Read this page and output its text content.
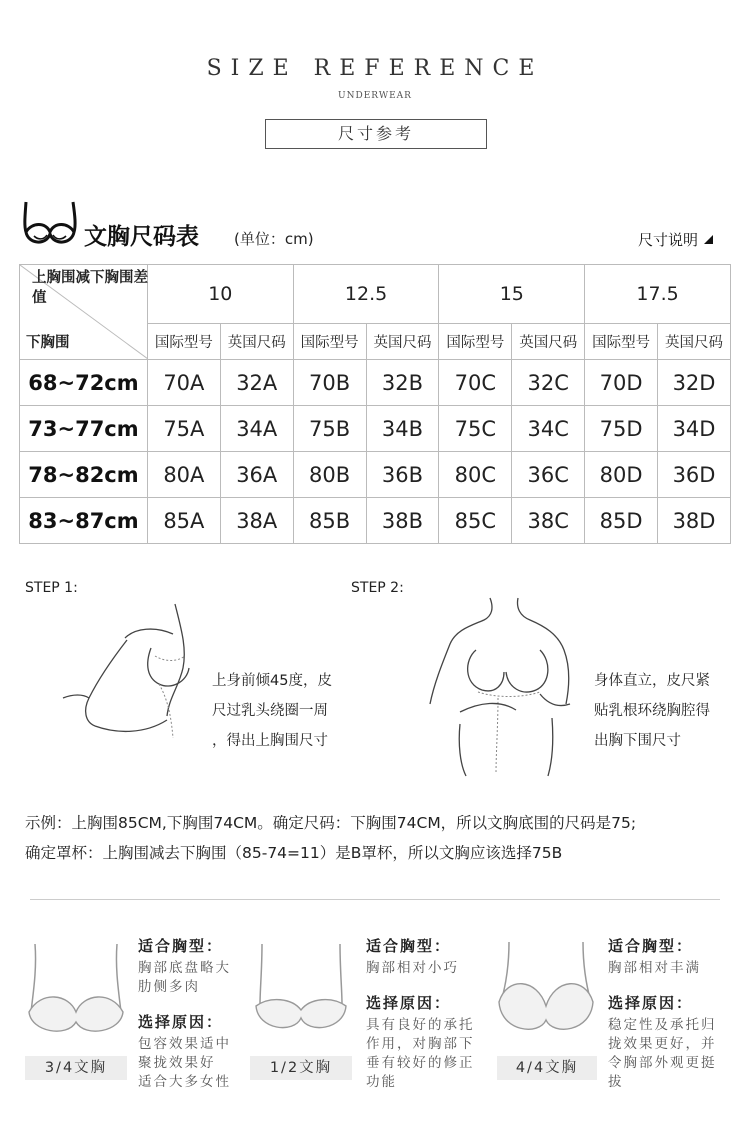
SIZE REFERENCE
UNDERWEAR
尺寸参考
文胸尺码表 (单位：cm)	尺寸说明
上胸围减下胸围差值
下胸围	10		12.5		15		17.5	
	国际型号	英国尺码	国际型号	英国尺码	国际型号	英国尺码	国际型号	英国尺码
68~72cm	70A	32A	70B	32B	70C	32C	70D	32D
73~77cm	75A	34A	75B	34B	75C	34C	75D	34D
78~82cm	80A	36A	80B	36B	80C	36C	80D	36D
83~87cm	85A	38A	85B	38B	85C	38C	85D	38D
STEP 1:
上身前倾45度，皮
尺过乳头绕圈一周
，得出上胸围尺寸
STEP 2:
身体直立，皮尺紧
贴乳根环绕胸腔得
出胸下围尺寸
示例：上胸围85CM,下胸围74CM。确定尺码：下胸围74CM，所以文胸底围的尺码是75;
确定罩杯：上胸围减去下胸围（85-74=11）是B罩杯，所以文胸应该选择75B
3/4文胸
适合胸型：
胸部底盘略大
肋侧多肉
选择原因：
包容效果适中
聚拢效果好
适合大多女性
1/2文胸
适合胸型：
胸部相对小巧
选择原因：
具有良好的承托
作用，对胸部下
垂有较好的修正
功能
4/4文胸
适合胸型：
胸部相对丰满
选择原因：
稳定性及承托归
拢效果更好，并
令胸部外观更挺
拔
